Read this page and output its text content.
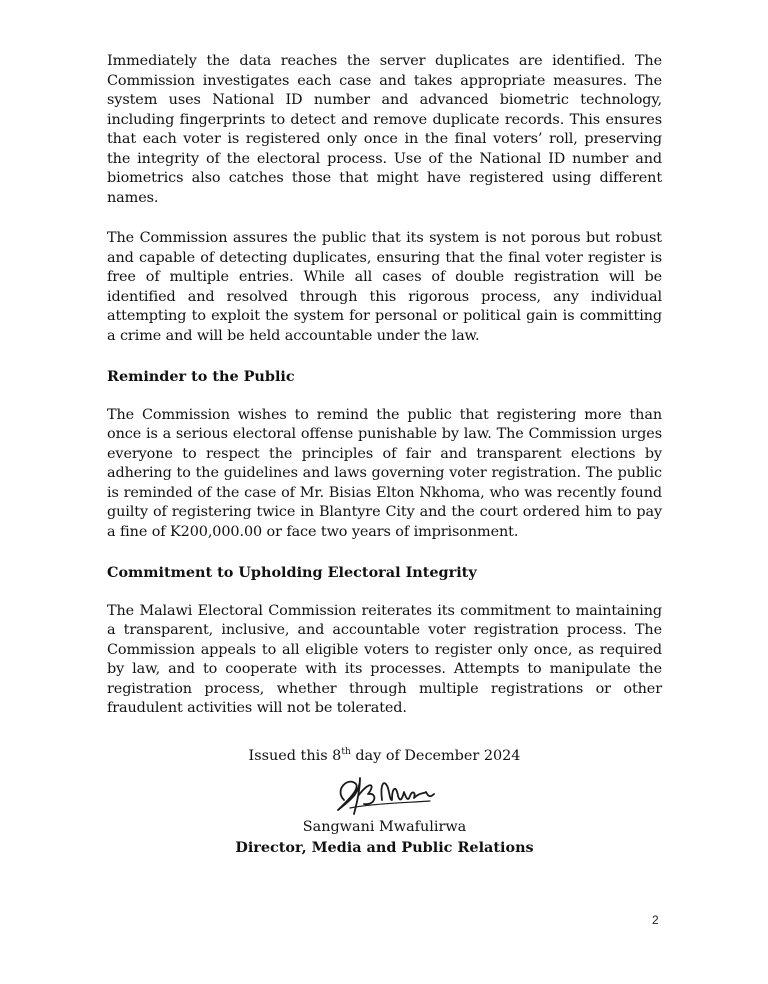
Immediately the data reaches the server duplicates are identified. The Commission investigates each case and takes appropriate measures. The system uses National ID number and advanced biometric technology, including fingerprints to detect and remove duplicate records. This ensures that each voter is registered only once in the final voters’ roll, preserving the integrity of the electoral process. Use of the National ID number and biometrics also catches those that might have registered using different names.

The Commission assures the public that its system is not porous but robust and capable of detecting duplicates, ensuring that the final voter register is free of multiple entries. While all cases of double registration will be identified and resolved through this rigorous process, any individual attempting to exploit the system for personal or political gain is committing a crime and will be held accountable under the law.

Reminder to the Public

The Commission wishes to remind the public that registering more than once is a serious electoral offense punishable by law. The Commission urges everyone to respect the principles of fair and transparent elections by adhering to the guidelines and laws governing voter registration. The public is reminded of the case of Mr. Bisias Elton Nkhoma, who was recently found guilty of registering twice in Blantyre City and the court ordered him to pay a fine of K200,000.00 or face two years of imprisonment.

Commitment to Upholding Electoral Integrity

The Malawi Electoral Commission reiterates its commitment to maintaining a transparent, inclusive, and accountable voter registration process. The Commission appeals to all eligible voters to register only once, as required by law, and to cooperate with its processes. Attempts to manipulate the registration process, whether through multiple registrations or other fraudulent activities will not be tolerated.

Issued this 8th day of December 2024
Sangwani Mwafulirwa
Director, Media and Public Relations
2
